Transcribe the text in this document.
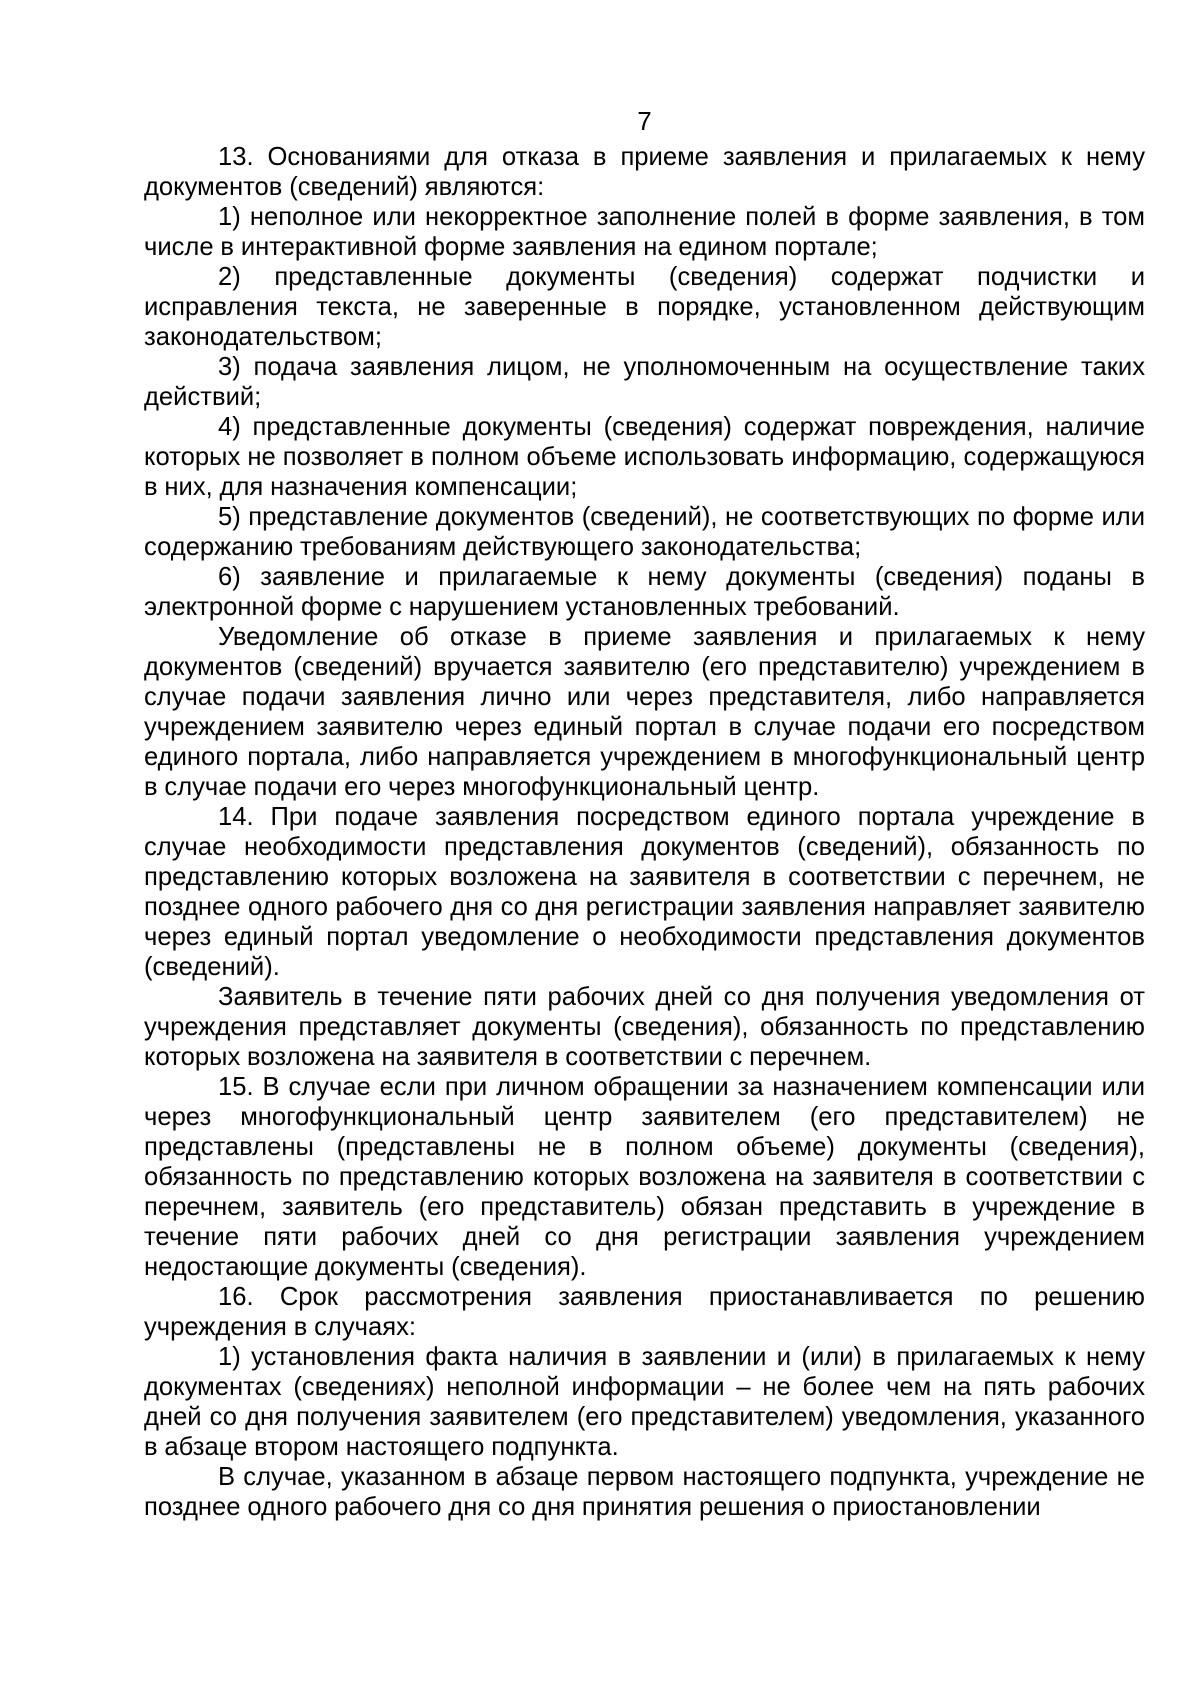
7

13. Основаниями для отказа в приеме заявления и прилагаемых к нему документов (сведений) являются:

1) неполное или некорректное заполнение полей в форме заявления, в том числе в интерактивной форме заявления на едином портале;

2) представленные документы (сведения) содержат подчистки и исправления текста, не заверенные в порядке, установленном действующим законодательством;

3) подача заявления лицом, не уполномоченным на осуществление таких действий;

4) представленные документы (сведения) содержат повреждения, наличие которых не позволяет в полном объеме использовать информацию, содержащуюся в них, для назначения компенсации;

5) представление документов (сведений), не соответствующих по форме или содержанию требованиям действующего законодательства;

6) заявление и прилагаемые к нему документы (сведения) поданы в электронной форме с нарушением установленных требований.

Уведомление об отказе в приеме заявления и прилагаемых к нему документов (сведений) вручается заявителю (его представителю) учреждением в случае подачи заявления лично или через представителя, либо направляется учреждением заявителю через единый портал в случае подачи его посредством единого портала, либо направляется учреждением в многофункциональный центр в случае подачи его через многофункциональный центр.

14. При подаче заявления посредством единого портала учреждение в случае необходимости представления документов (сведений), обязанность по представлению которых возложена на заявителя в соответствии с перечнем, не позднее одного рабочего дня со дня регистрации заявления направляет заявителю через единый портал уведомление о необходимости представления документов (сведений).

Заявитель в течение пяти рабочих дней со дня получения уведомления от учреждения представляет документы (сведения), обязанность по представлению которых возложена на заявителя в соответствии с перечнем.

15. В случае если при личном обращении за назначением компенсации или через многофункциональный центр заявителем (его представителем) не представлены (представлены не в полном объеме) документы (сведения), обязанность по представлению которых возложена на заявителя в соответствии с перечнем, заявитель (его представитель) обязан представить в учреждение в течение пяти рабочих дней со дня регистрации заявления учреждением недостающие документы (сведения).

16. Срок рассмотрения заявления приостанавливается по решению учреждения в случаях:

1) установления факта наличия в заявлении и (или) в прилагаемых к нему документах (сведениях) неполной информации – не более чем на пять рабочих дней со дня получения заявителем (его представителем) уведомления, указанного в абзаце втором настоящего подпункта.

В случае, указанном в абзаце первом настоящего подпункта, учреждение не позднее одного рабочего дня со дня принятия решения о приостановлении
